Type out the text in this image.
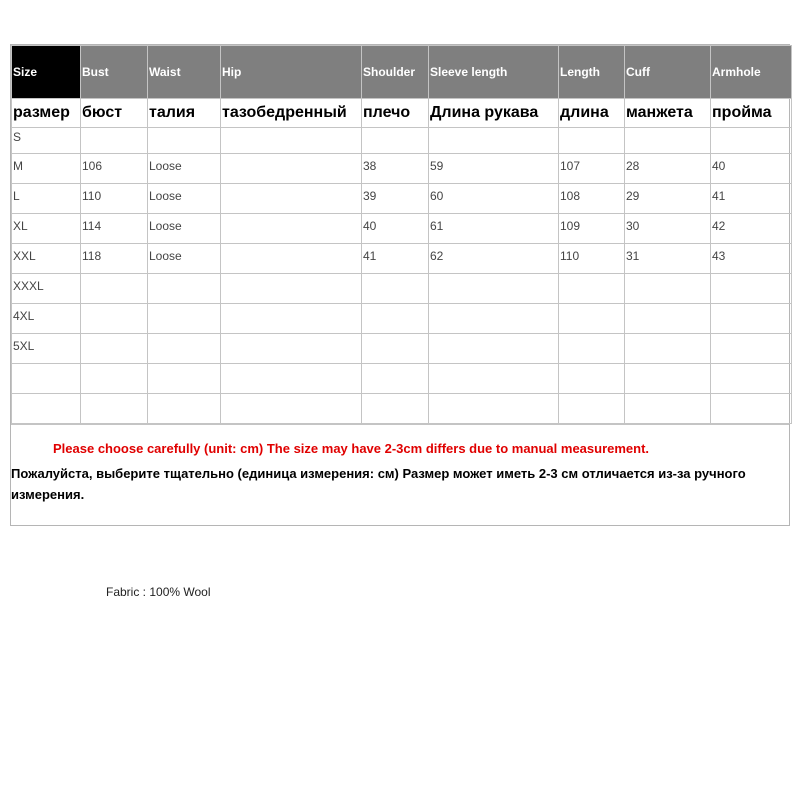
Size	Bust	Waist	Hip	Shoulder	Sleeve length	Length	Cuff	Armhole
размер	бюст	талия	тазобедренный	плечо	Длина рукава	длина	манжета	пройма
S								
M	106	Loose		38	59	107	28	40
L	110	Loose		39	60	108	29	41
XL	114	Loose		40	61	109	30	42
XXL	118	Loose		41	62	110	31	43
XXXL								
4XL								
5XL								

Please choose carefully (unit: cm) The size may have 2-3cm differs due to manual measurement.
Пожалуйста, выберите тщательно (единица измерения: см) Размер может иметь 2-3 см отличается из-за ручного измерения.
Fabric : 100% Wool
